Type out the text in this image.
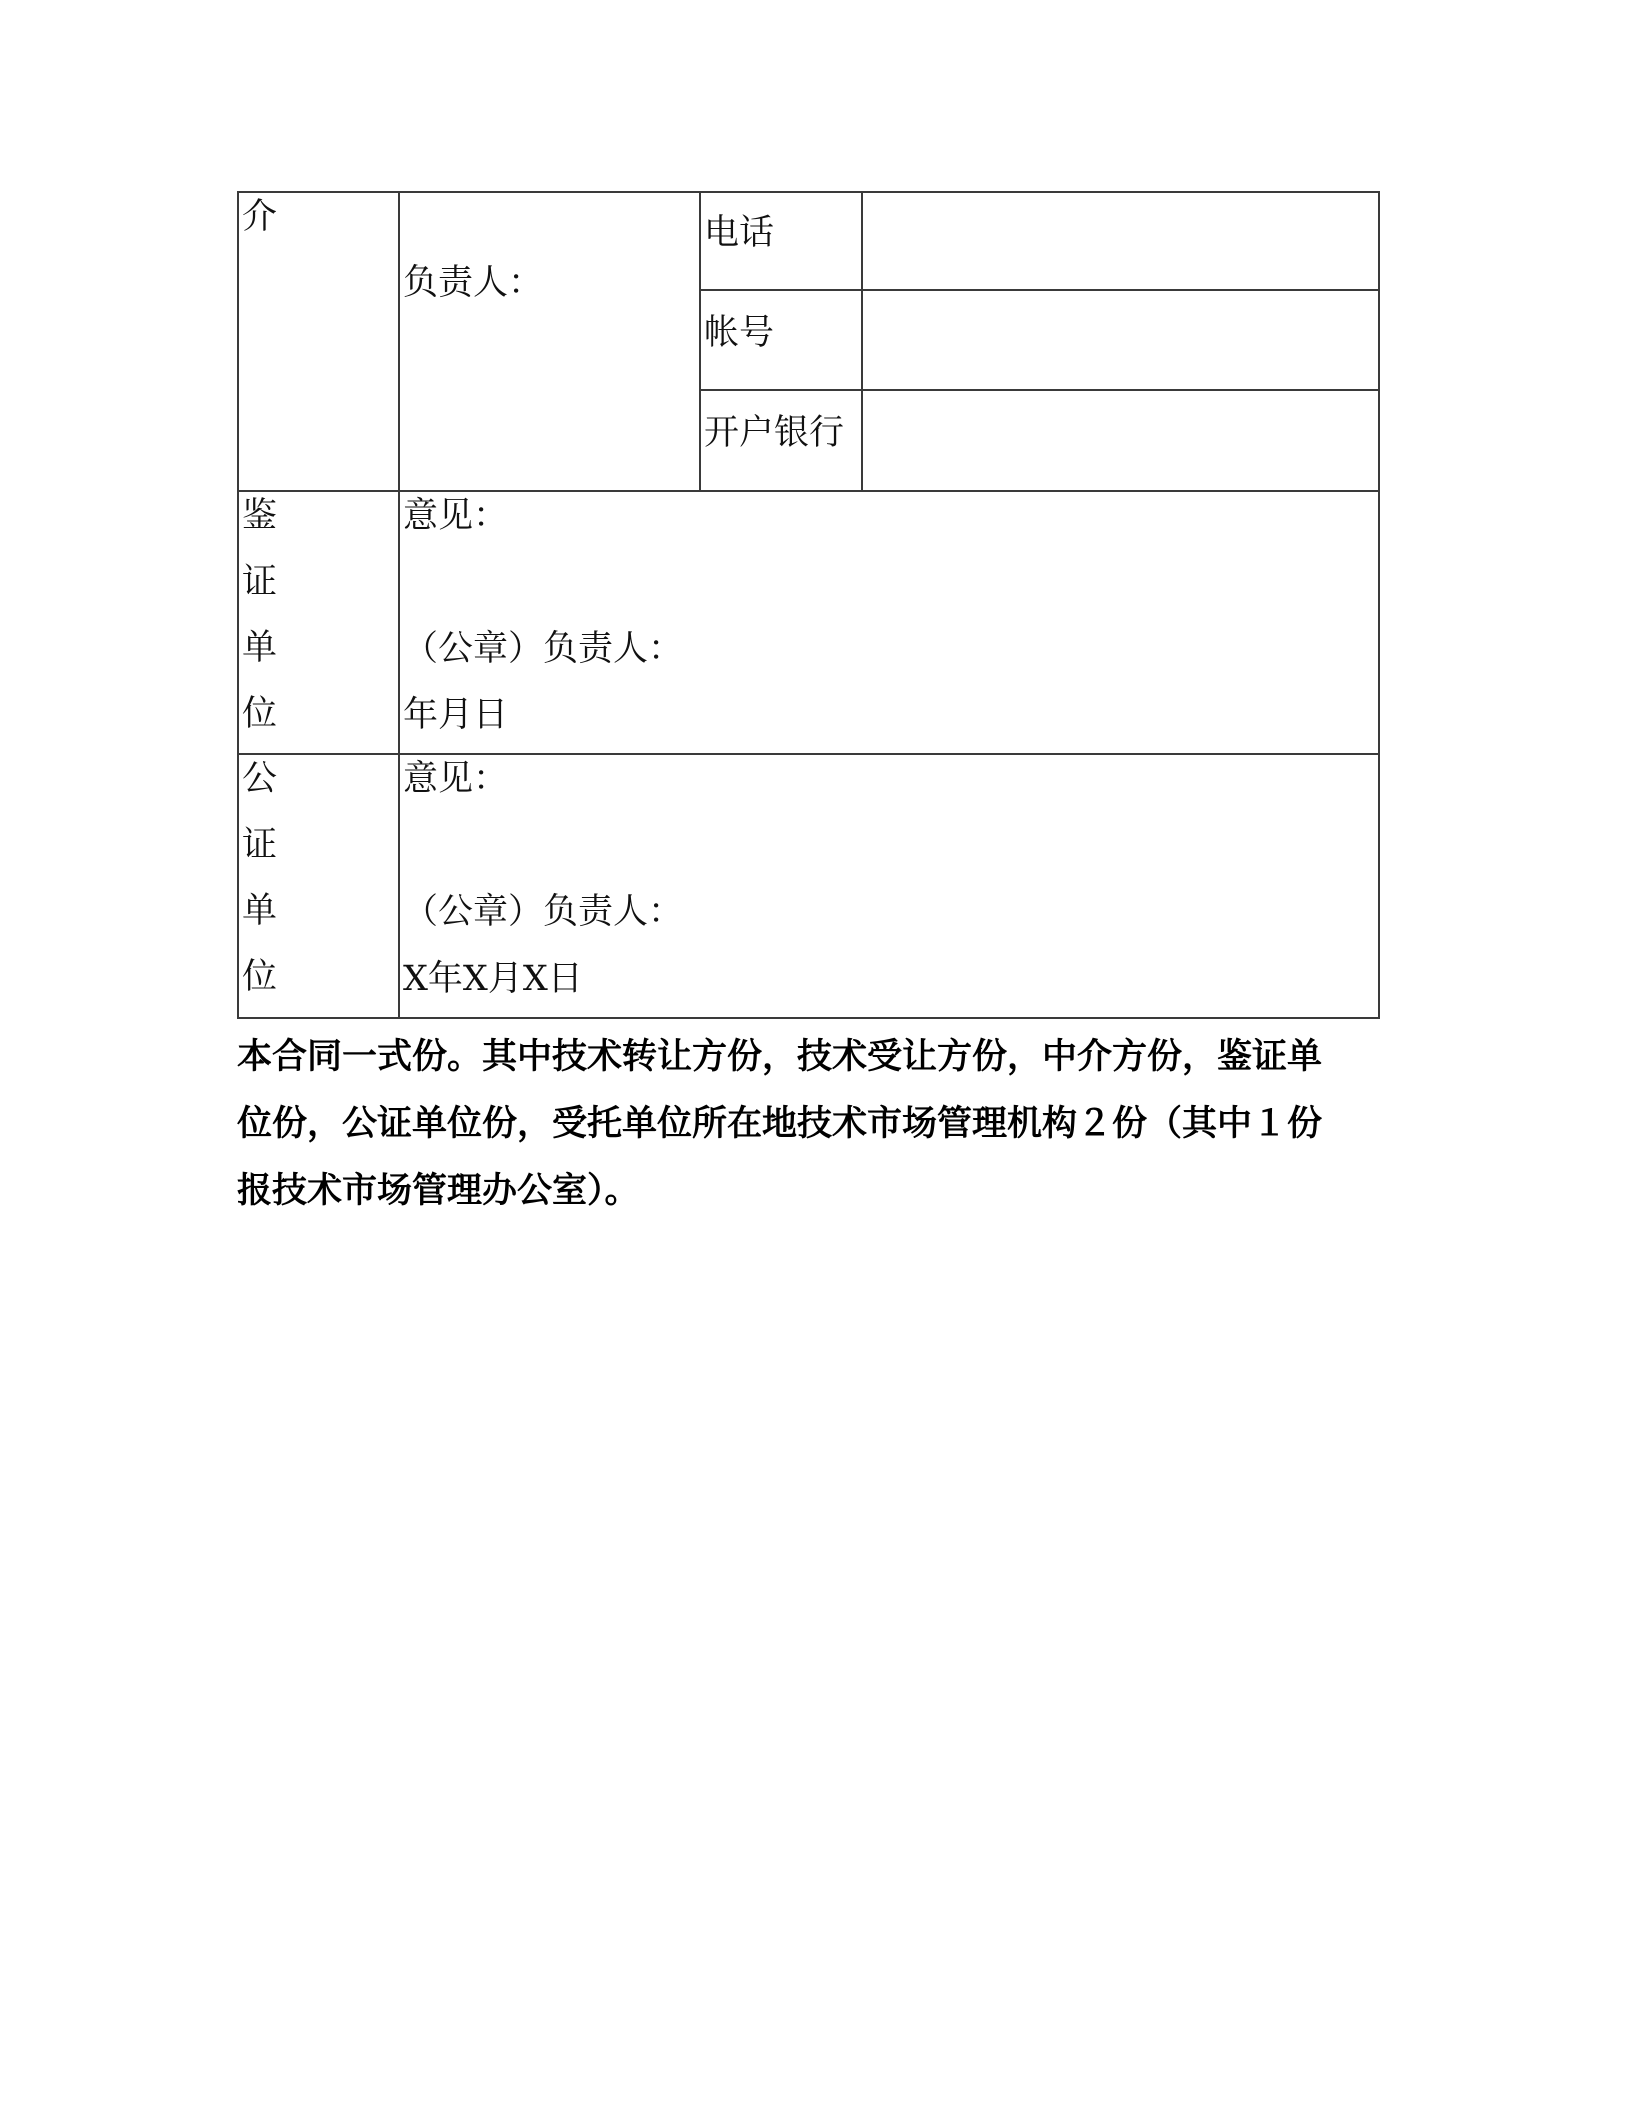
介
负责人：
电话
帐号
开户银行
鉴
证
单
位
意见：
（公章）负责人：
年月日
公
证
单
位
意见：
（公章）负责人：
X年X月X日
本合同一式份。其中技术转让方份，技术受让方份，中介方份，鉴证单
位份，公证单位份，受托单位所在地技术市场管理机构２份（其中１份
报技术市场管理办公室）。
